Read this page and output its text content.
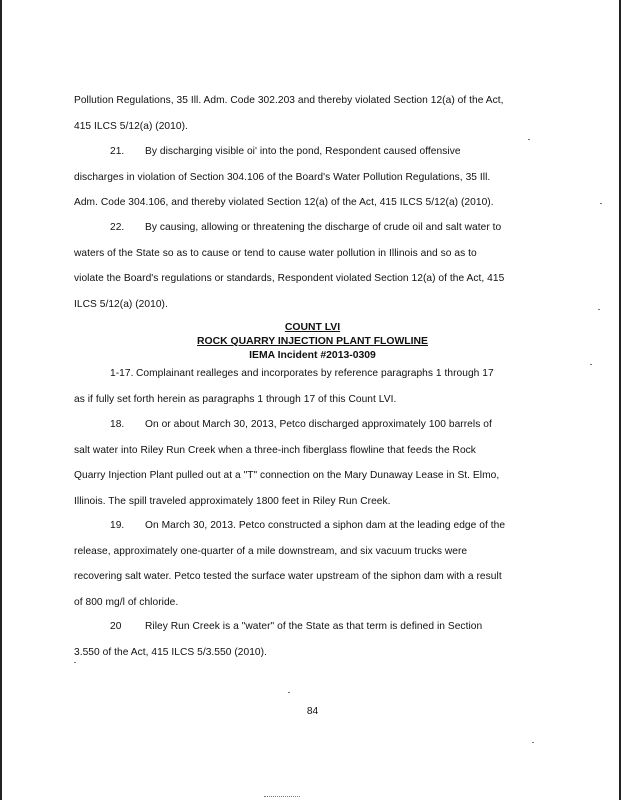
Pollution Regulations, 35 Ill. Adm. Code 302.203 and thereby violated Section 12(a) of the Act,
415 ILCS 5/12(a) (2010).
21. By discharging visible oi' into the pond, Respondent caused offensive
discharges in violation of Section 304.106 of the Board's Water Pollution Regulations, 35 Ill.
Adm. Code 304.106, and thereby violated Section 12(a) of the Act, 415 ILCS 5/12(a) (2010).
22. By causing, allowing or threatening the discharge of crude oil and salt water to
waters of the State so as to cause or tend to cause water pollution in Illinois and so as to
violate the Board's regulations or standards, Respondent violated Section 12(a) of the Act, 415
ILCS 5/12(a) (2010).
COUNT LVI
ROCK QUARRY INJECTION PLANT FLOWLINE
IEMA Incident #2013-0309
1-17. Complainant realleges and incorporates by reference paragraphs 1 through 17
as if fully set forth herein as paragraphs 1 through 17 of this Count LVI.
18. On or about March 30, 2013, Petco discharged approximately 100 barrels of
salt water into Riley Run Creek when a three-inch fiberglass flowline that feeds the Rock
Quarry Injection Plant pulled out at a "T" connection on the Mary Dunaway Lease in St. Elmo,
Illinois. The spill traveled approximately 1800 feet in Riley Run Creek.
19. On March 30, 2013. Petco constructed a siphon dam at the leading edge of the
release, approximately one-quarter of a mile downstream, and six vacuum trucks were
recovering salt water. Petco tested the surface water upstream of the siphon dam with a result
of 800 mg/l of chloride.
20 Riley Run Creek is a "water" of the State as that term is defined in Section
3.550 of the Act, 415 ILCS 5/3.550 (2010).
84
